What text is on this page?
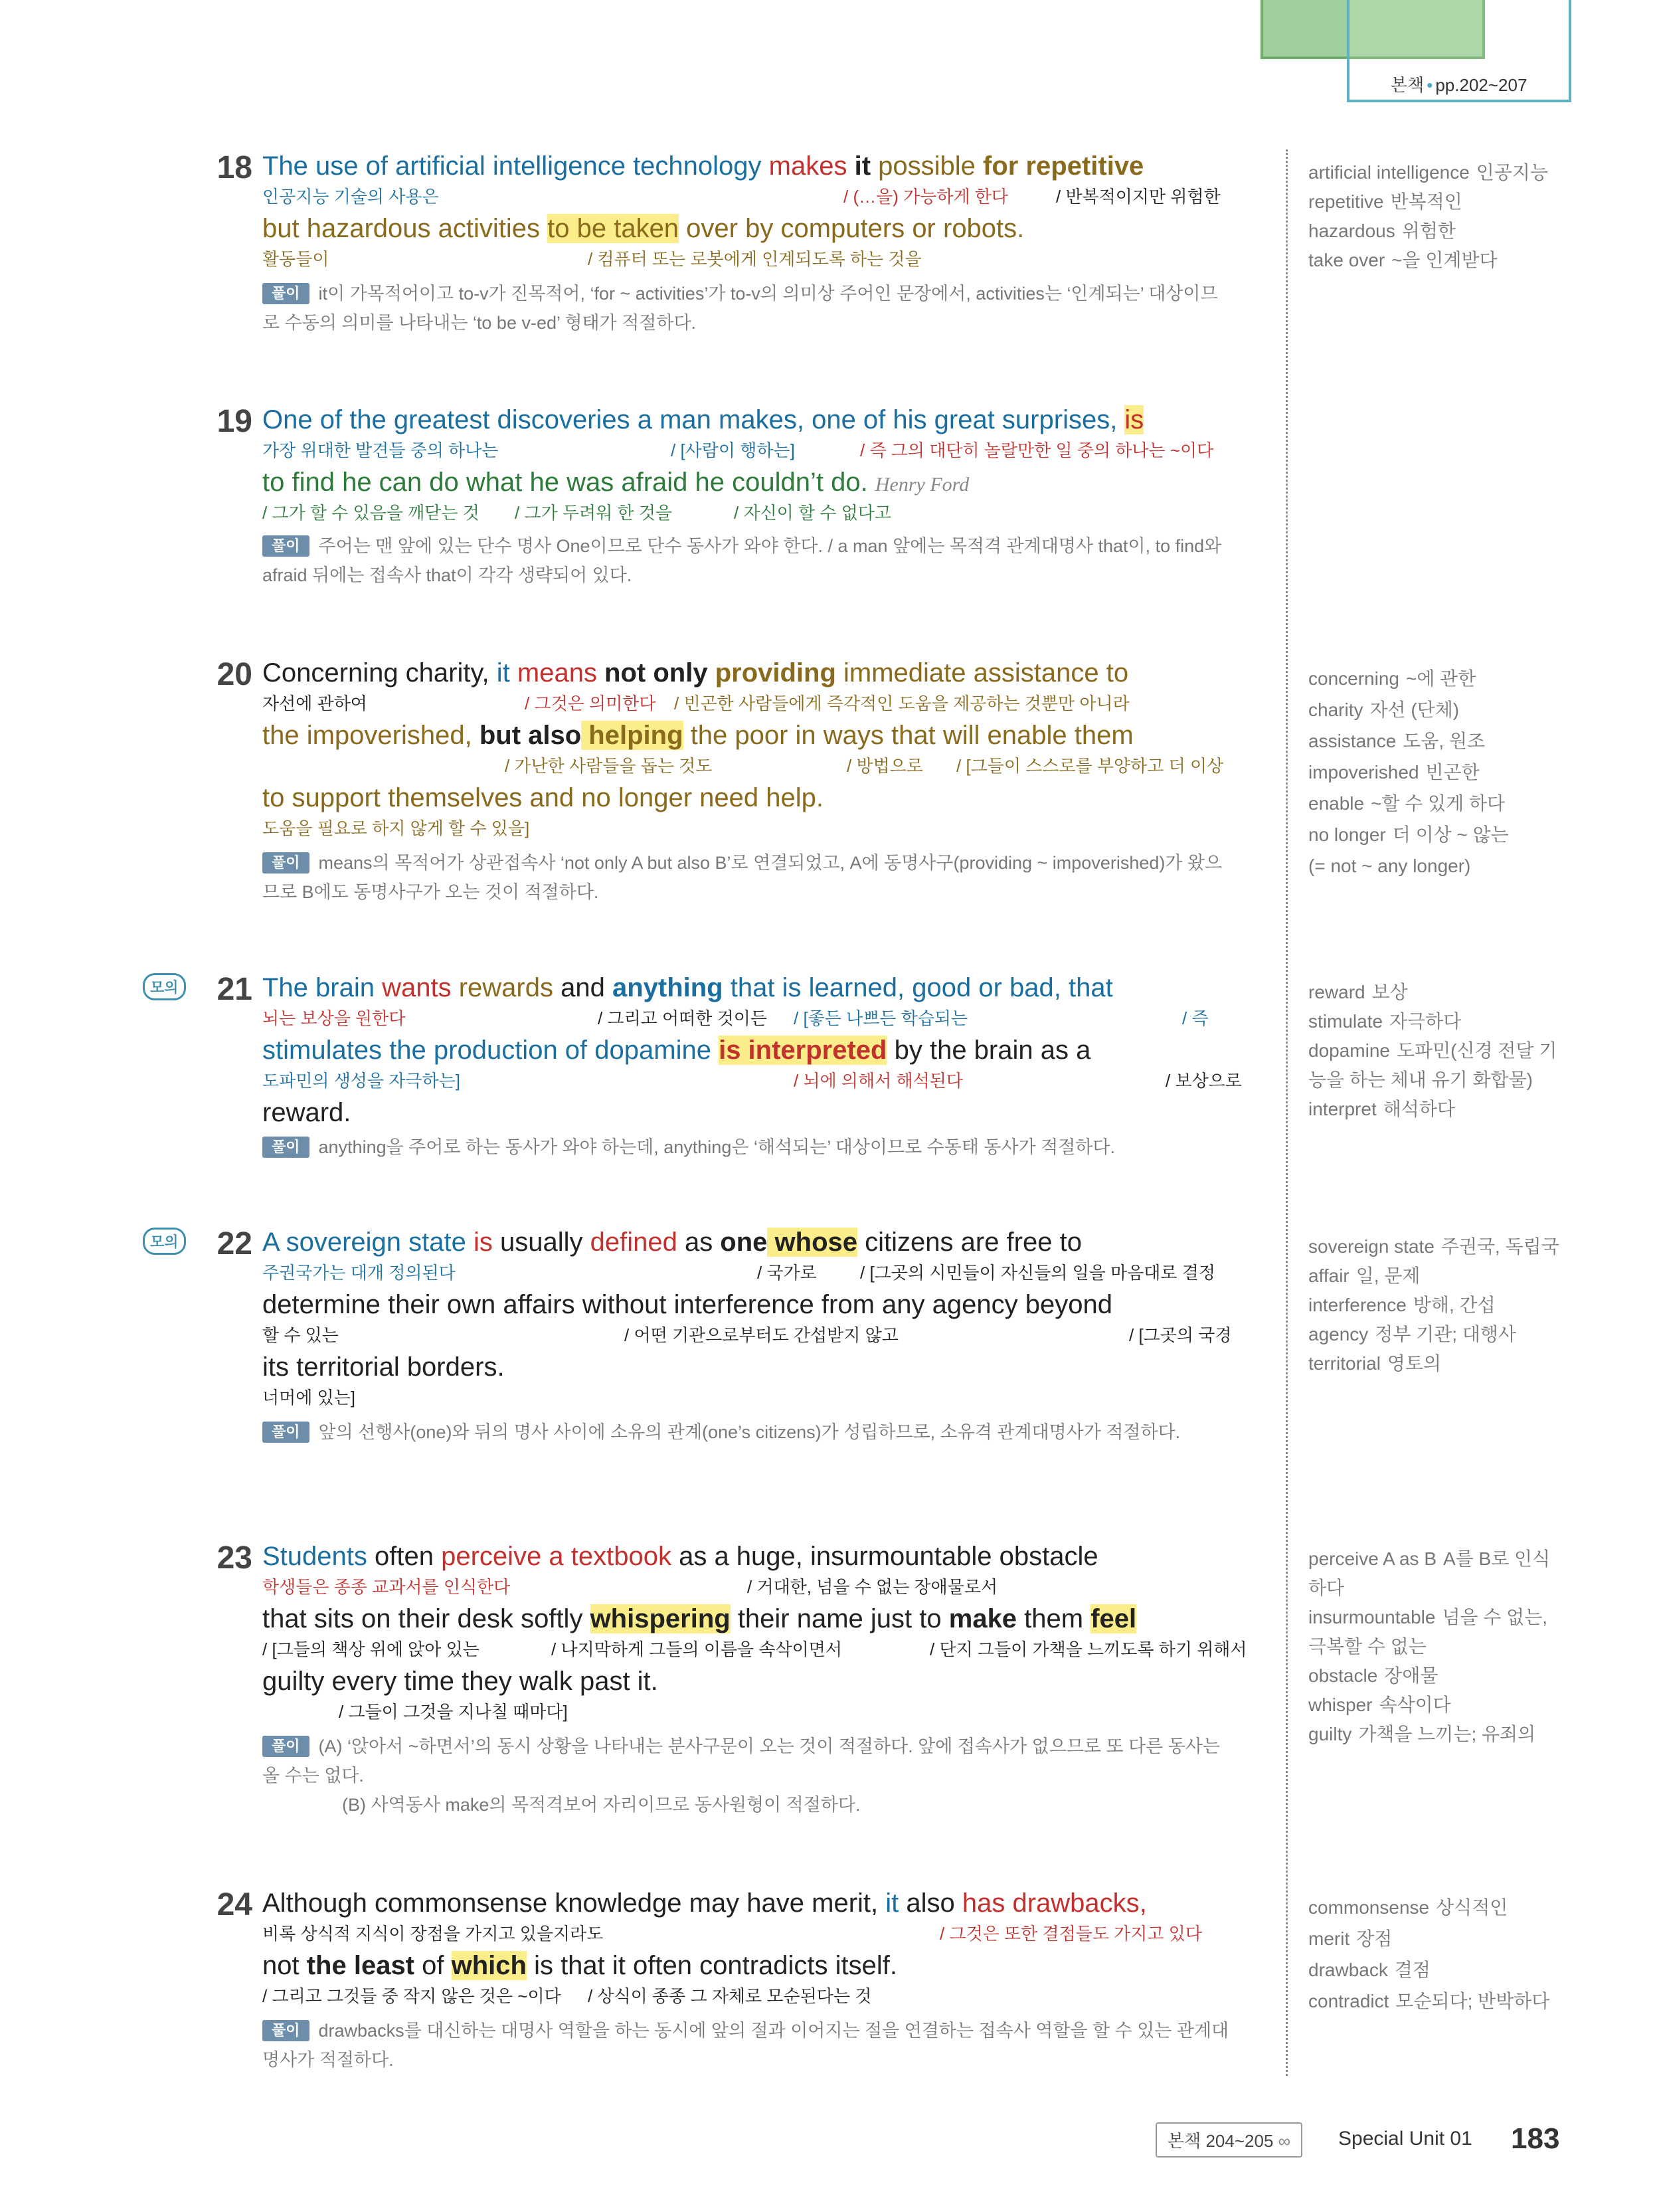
본책 • pp.202~207
18 The use of artificial intelligence technology makes it possible for repetitive
인공지능 기술의 사용은	/ (…을) 가능하게 한다	/ 반복적이지만 위험한
but hazardous activities to be taken over by computers or robots.
활동들이	/ 컴퓨터 또는 로봇에게 인계되도록 하는 것을
풀이 it이 가목적어이고 to-v가 진목적어, ‘for ~ activities’가 to-v의 의미상 주어인 문장에서, activities는 ‘인계되는’ 대상이므로 수동의 의미를 나타내는 ‘to be v-ed’ 형태가 적절하다.
19 One of the greatest discoveries a man makes, one of his great surprises, is
가장 위대한 발견들 중의 하나는	/ [사람이 행하는]	/ 즉 그의 대단히 놀랄만한 일 중의 하나는 ~이다
to find he can do what he was afraid he couldn’t do. Henry Ford
/ 그가 할 수 있음을 깨닫는 것 / 그가 두려워 한 것을	/ 자신이 할 수 없다고
풀이 주어는 맨 앞에 있는 단수 명사 One이므로 단수 동사가 와야 한다. / a man 앞에는 목적격 관계대명사 that이, to find와 afraid 뒤에는 접속사 that이 각각 생략되어 있다.
20 Concerning charity, it means not only providing immediate assistance to
자선에 관하여	/ 그것은 의미한다 / 빈곤한 사람들에게 즉각적인 도움을 제공하는 것뿐만 아니라
the impoverished, but also helping the poor in ways that will enable them
/ 가난한 사람들을 돕는 것도	/ 방법으로 / [그들이 스스로를 부양하고 더 이상
to support themselves and no longer need help.
도움을 필요로 하지 않게 할 수 있을]
풀이 means의 목적어가 상관접속사 ‘not only A but also B’로 연결되었고, A에 동명사구(providing ~ impoverished)가 왔으므로 B에도 동명사구가 오는 것이 적절하다.
모의	21 The brain wants rewards and anything that is learned, good or bad, that
뇌는 보상을 원한다	/ 그리고 어떠한 것이든 / [좋든 나쁘든 학습되는	/ 즉
stimulates the production of dopamine is interpreted by the brain as a
도파민의 생성을 자극하는]	/ 뇌에 의해서 해석된다	/ 보상으로
reward.
풀이 anything을 주어로 하는 동사가 와야 하는데, anything은 ‘해석되는’ 대상이므로 수동태 동사가 적절하다.
모의	22 A sovereign state is usually defined as one whose citizens are free to
주권국가는 대개 정의된다	/ 국가로	/ [그곳의 시민들이 자신들의 일을 마음대로 결정
determine their own affairs without interference from any agency beyond
할 수 있는	/ 어떤 기관으로부터도 간섭받지 않고	/ [그곳의 국경
its territorial borders.
너머에 있는]
풀이 앞의 선행사(one)와 뒤의 명사 사이에 소유의 관계(one’s citizens)가 성립하므로, 소유격 관계대명사가 적절하다.
23 Students often perceive a textbook as a huge, insurmountable obstacle
학생들은 종종 교과서를 인식한다	/ 거대한, 넘을 수 없는 장애물로서
that sits on their desk softly whispering their name just to make them feel
/ [그들의 책상 위에 앉아 있는	/ 나지막하게 그들의 이름을 속삭이면서	/ 단지 그들이 가책을 느끼도록 하기 위해서
guilty every time they walk past it.
/ 그들이 그것을 지나칠 때마다]
풀이 (A) ‘앉아서 ~하면서’의 동시 상황을 나타내는 분사구문이 오는 것이 적절하다. 앞에 접속사가 없으므로 또 다른 동사는 올 수는 없다.
(B) 사역동사 make의 목적격보어 자리이므로 동사원형이 적절하다.
24 Although commonsense knowledge may have merit, it also has drawbacks,
비록 상식적 지식이 장점을 가지고 있을지라도	/ 그것은 또한 결점들도 가지고 있다
not the least of which is that it often contradicts itself.
/ 그리고 그것들 중 작지 않은 것은 ~이다 / 상식이 종종 그 자체로 모순된다는 것
풀이 drawbacks를 대신하는 대명사 역할을 하는 동시에 앞의 절과 이어지는 절을 연결하는 접속사 역할을 할 수 있는 관계대명사가 적절하다.
artificial intelligence 인공지능
repetitive 반복적인
hazardous 위험한
take over ~을 인계받다
concerning ~에 관한
charity 자선 (단체)
assistance 도움, 원조
impoverished 빈곤한
enable ~할 수 있게 하다
no longer 더 이상 ~ 않는
(= not ~ any longer)
reward 보상
stimulate 자극하다
dopamine 도파민(신경 전달 기능을 하는 체내 유기 화합물)
interpret 해석하다
sovereign state 주권국, 독립국
affair 일, 문제
interference 방해, 간섭
agency 정부 기관; 대행사
territorial 영토의
perceive A as B A를 B로 인식하다
insurmountable 넘을 수 없는, 극복할 수 없는
obstacle 장애물
whisper 속삭이다
guilty 가책을 느끼는; 유죄의
commonsense 상식적인
merit 장점
drawback 결점
contradict 모순되다; 반박하다
본책 204~205 ∞	Special Unit 01 183
